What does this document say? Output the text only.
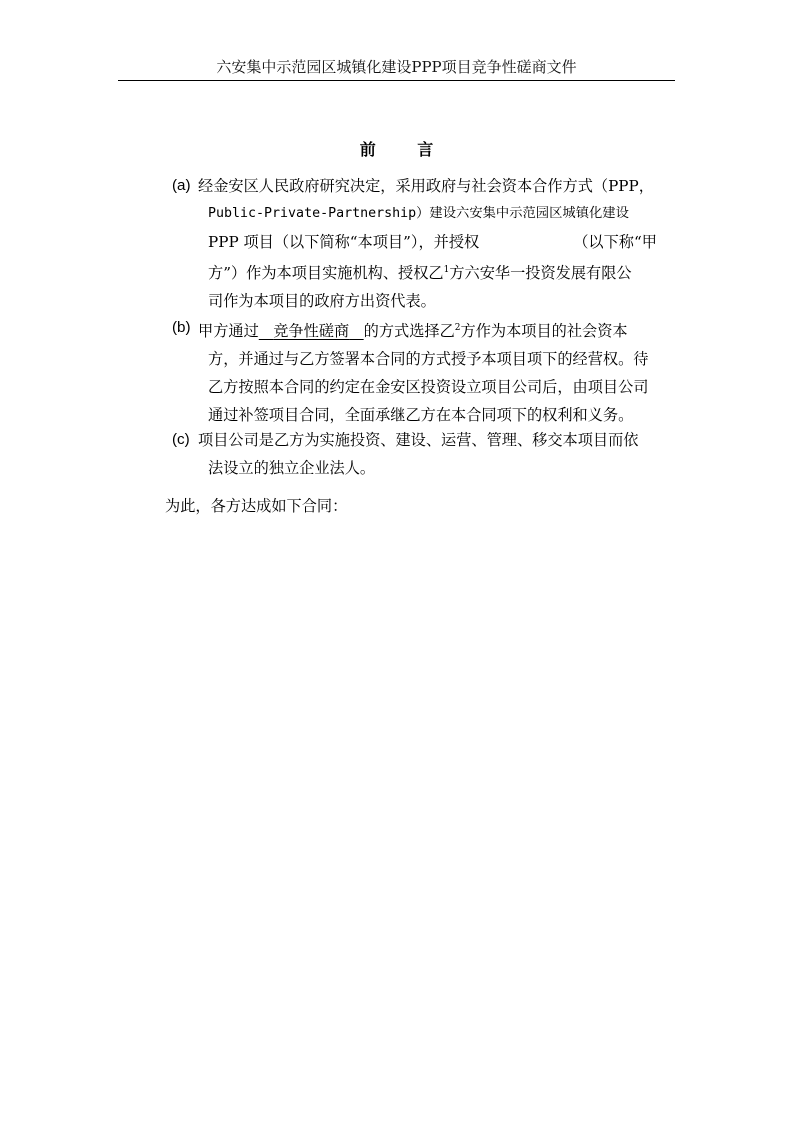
六安集中示范园区城镇化建设PPP项目竞争性磋商文件
前 言
(a) 经金安区人民政府研究决定，采用政府与社会资本合作方式（PPP，
Public-Private-Partnership）建设六安集中示范园区城镇化建设
PPP 项目（以下简称“本项目”），并授权	（以下称“甲
方”）作为本项目实施机构、授权乙$^1$方六安华一投资发展有限公
司作为本项目的政府方出资代表。
(b) 甲方通过 竞争性磋商 的方式选择乙$^2$方作为本项目的社会资本
方，并通过与乙方签署本合同的方式授予本项目项下的经营权。待
乙方按照本合同的约定在金安区投资设立项目公司后，由项目公司
通过补签项目合同，全面承继乙方在本合同项下的权利和义务。
(c) 项目公司是乙方为实施投资、建设、运营、管理、移交本项目而依
法设立的独立企业法人。
为此，各方达成如下合同：
